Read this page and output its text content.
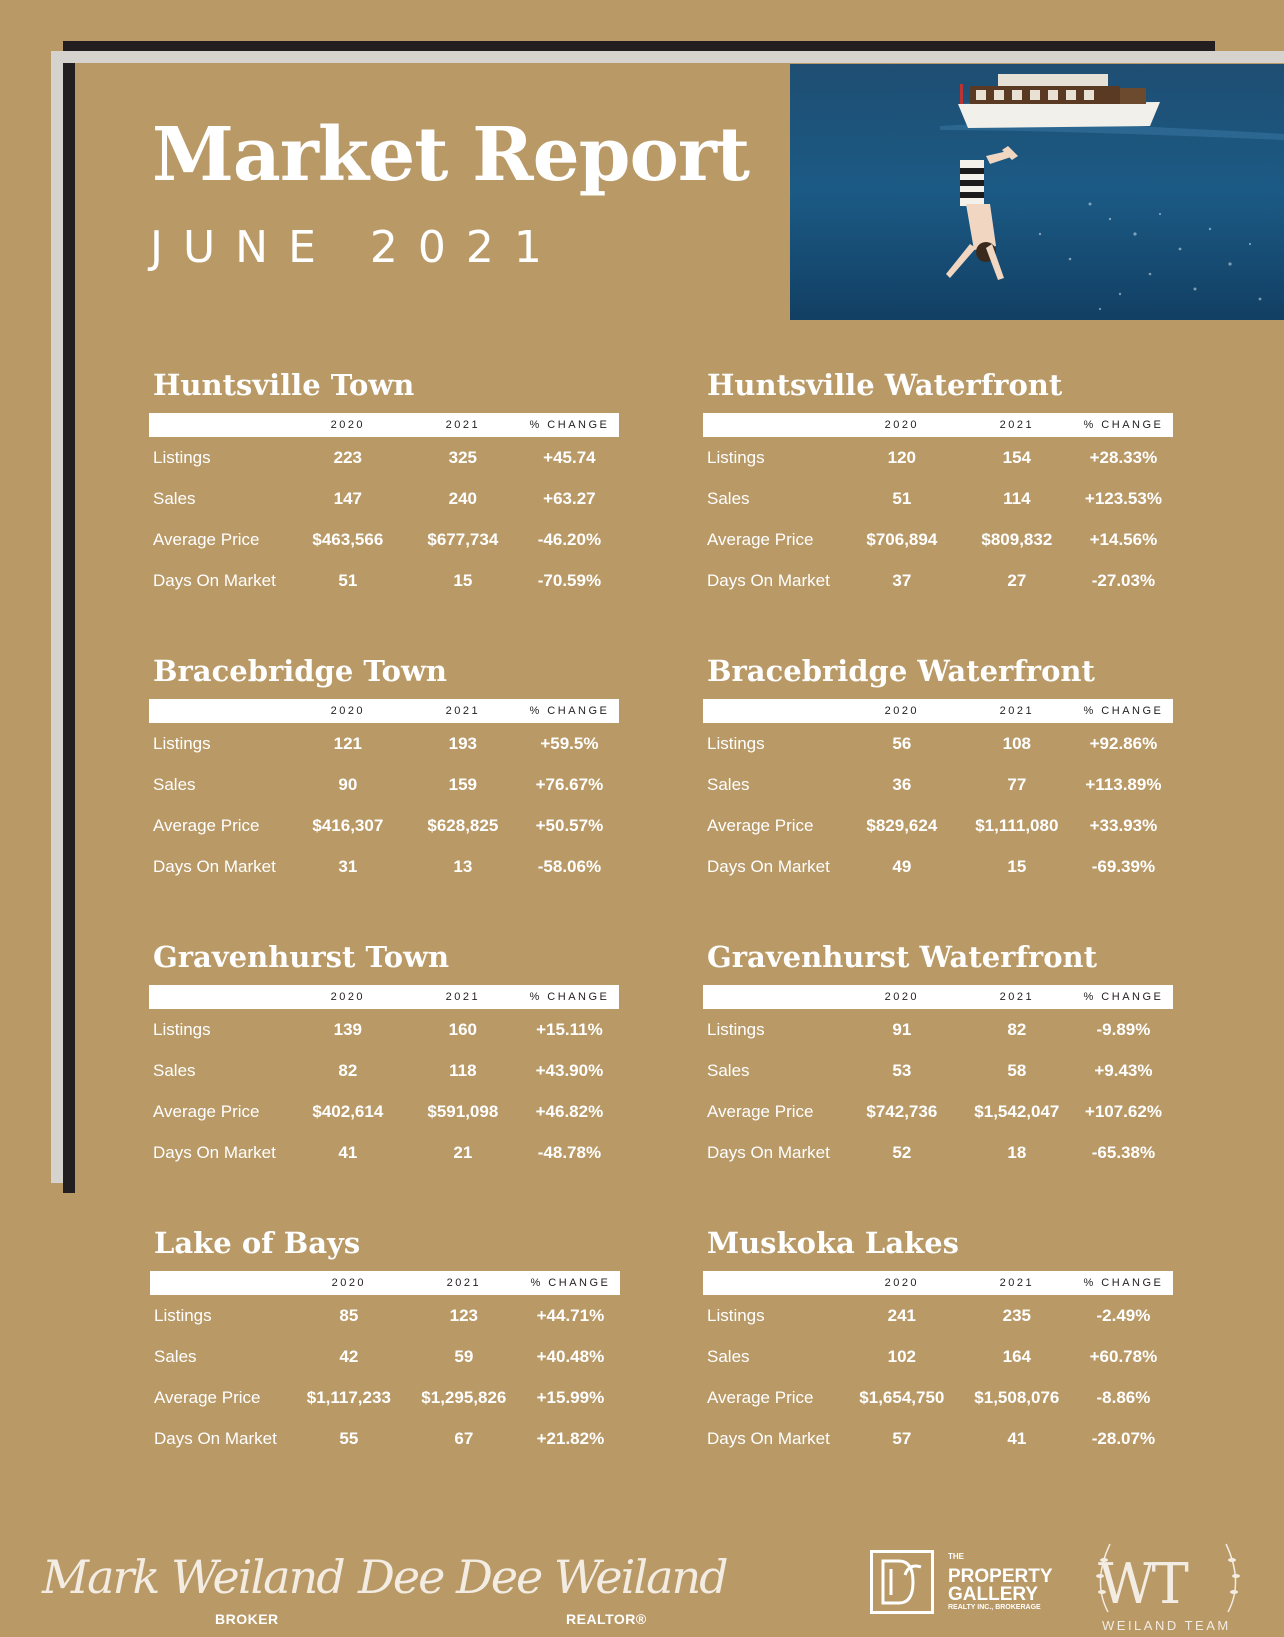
Market Report
JUNE 2021
Huntsville Town
2020	2021	% CHANGE
Listings	223	325	+45.74
Sales	147	240	+63.27
Average Price	$463,566	$677,734	-46.20%
Days On Market	51	15	-70.59%
Huntsville Waterfront
2020	2021	% CHANGE
Listings	120	154	+28.33%
Sales	51	114	+123.53%
Average Price	$706,894	$809,832	+14.56%
Days On Market	37	27	-27.03%
Bracebridge Town
2020	2021	% CHANGE
Listings	121	193	+59.5%
Sales	90	159	+76.67%
Average Price	$416,307	$628,825	+50.57%
Days On Market	31	13	-58.06%
Bracebridge Waterfront
2020	2021	% CHANGE
Listings	56	108	+92.86%
Sales	36	77	+113.89%
Average Price	$829,624	$1,111,080	+33.93%
Days On Market	49	15	-69.39%
Gravenhurst Town
2020	2021	% CHANGE
Listings	139	160	+15.11%
Sales	82	118	+43.90%
Average Price	$402,614	$591,098	+46.82%
Days On Market	41	21	-48.78%
Gravenhurst Waterfront
2020	2021	% CHANGE
Listings	91	82	-9.89%
Sales	53	58	+9.43%
Average Price	$742,736	$1,542,047	+107.62%
Days On Market	52	18	-65.38%
Lake of Bays
2020	2021	% CHANGE
Listings	85	123	+44.71%
Sales	42	59	+40.48%
Average Price	$1,117,233	$1,295,826	+15.99%
Days On Market	55	67	+21.82%
Muskoka Lakes
2020	2021	% CHANGE
Listings	241	235	-2.49%
Sales	102	164	+60.78%
Average Price	$1,654,750	$1,508,076	-8.86%
Days On Market	57	41	-28.07%
Mark Weiland
BROKER
Dee Dee Weiland
REALTOR®
THE
PROPERTY
GALLERY
REALTY INC., BROKERAGE WT
WEILAND TEAM
